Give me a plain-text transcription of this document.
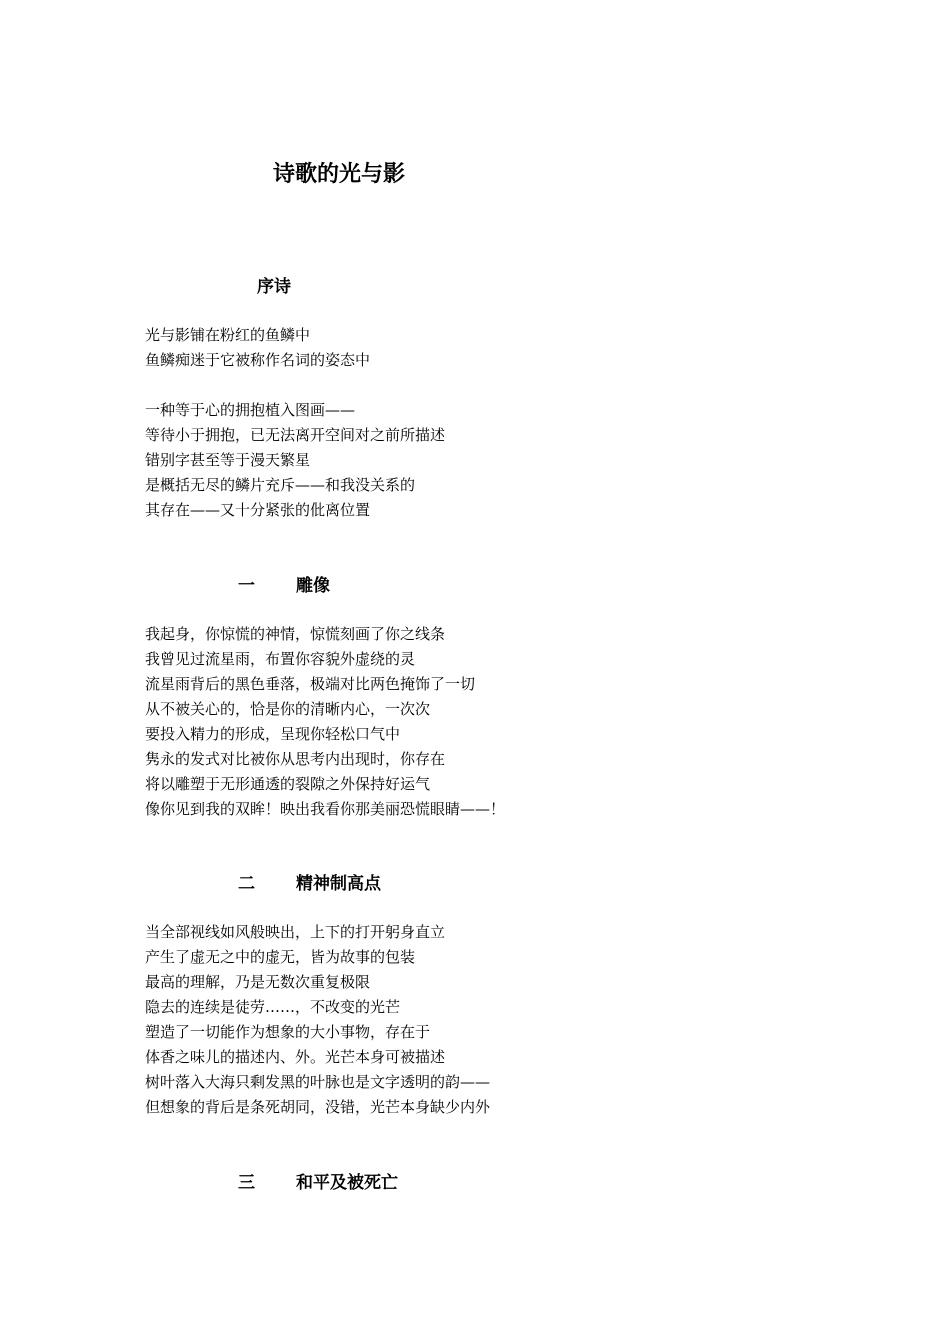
诗歌的光与影
序诗
光与影铺在粉红的鱼鳞中
鱼鳞痴迷于它被称作名词的姿态中
一种等于心的拥抱植入图画——
等待小于拥抱，已无法离开空间对之前所描述
错别字甚至等于漫天繁星
是概括无尽的鳞片充斥——和我没关系的
其存在——又十分紧张的仳离位置
一 雕像
我起身，你惊慌的神情，惊慌刻画了你之线条
我曾见过流星雨，布置你容貌外虚绕的灵
流星雨背后的黑色垂落，极端对比两色掩饰了一切
从不被关心的，恰是你的清晰内心，一次次
要投入精力的形成，呈现你轻松口气中
隽永的发式对比被你从思考内出现时，你存在
将以雕塑于无形通透的裂隙之外保持好运气
像你见到我的双眸！映出我看你那美丽恐慌眼睛——！
二 精神制高点
当全部视线如风般映出，上下的打开躬身直立
产生了虚无之中的虚无，皆为故事的包装
最高的理解，乃是无数次重复极限
隐去的连续是徒劳……，不改变的光芒
塑造了一切能作为想象的大小事物，存在于
体香之味儿的描述内、外。光芒本身可被描述
树叶落入大海只剩发黑的叶脉也是文字透明的韵——
但想象的背后是条死胡同，没错，光芒本身缺少内外
三 和平及被死亡
